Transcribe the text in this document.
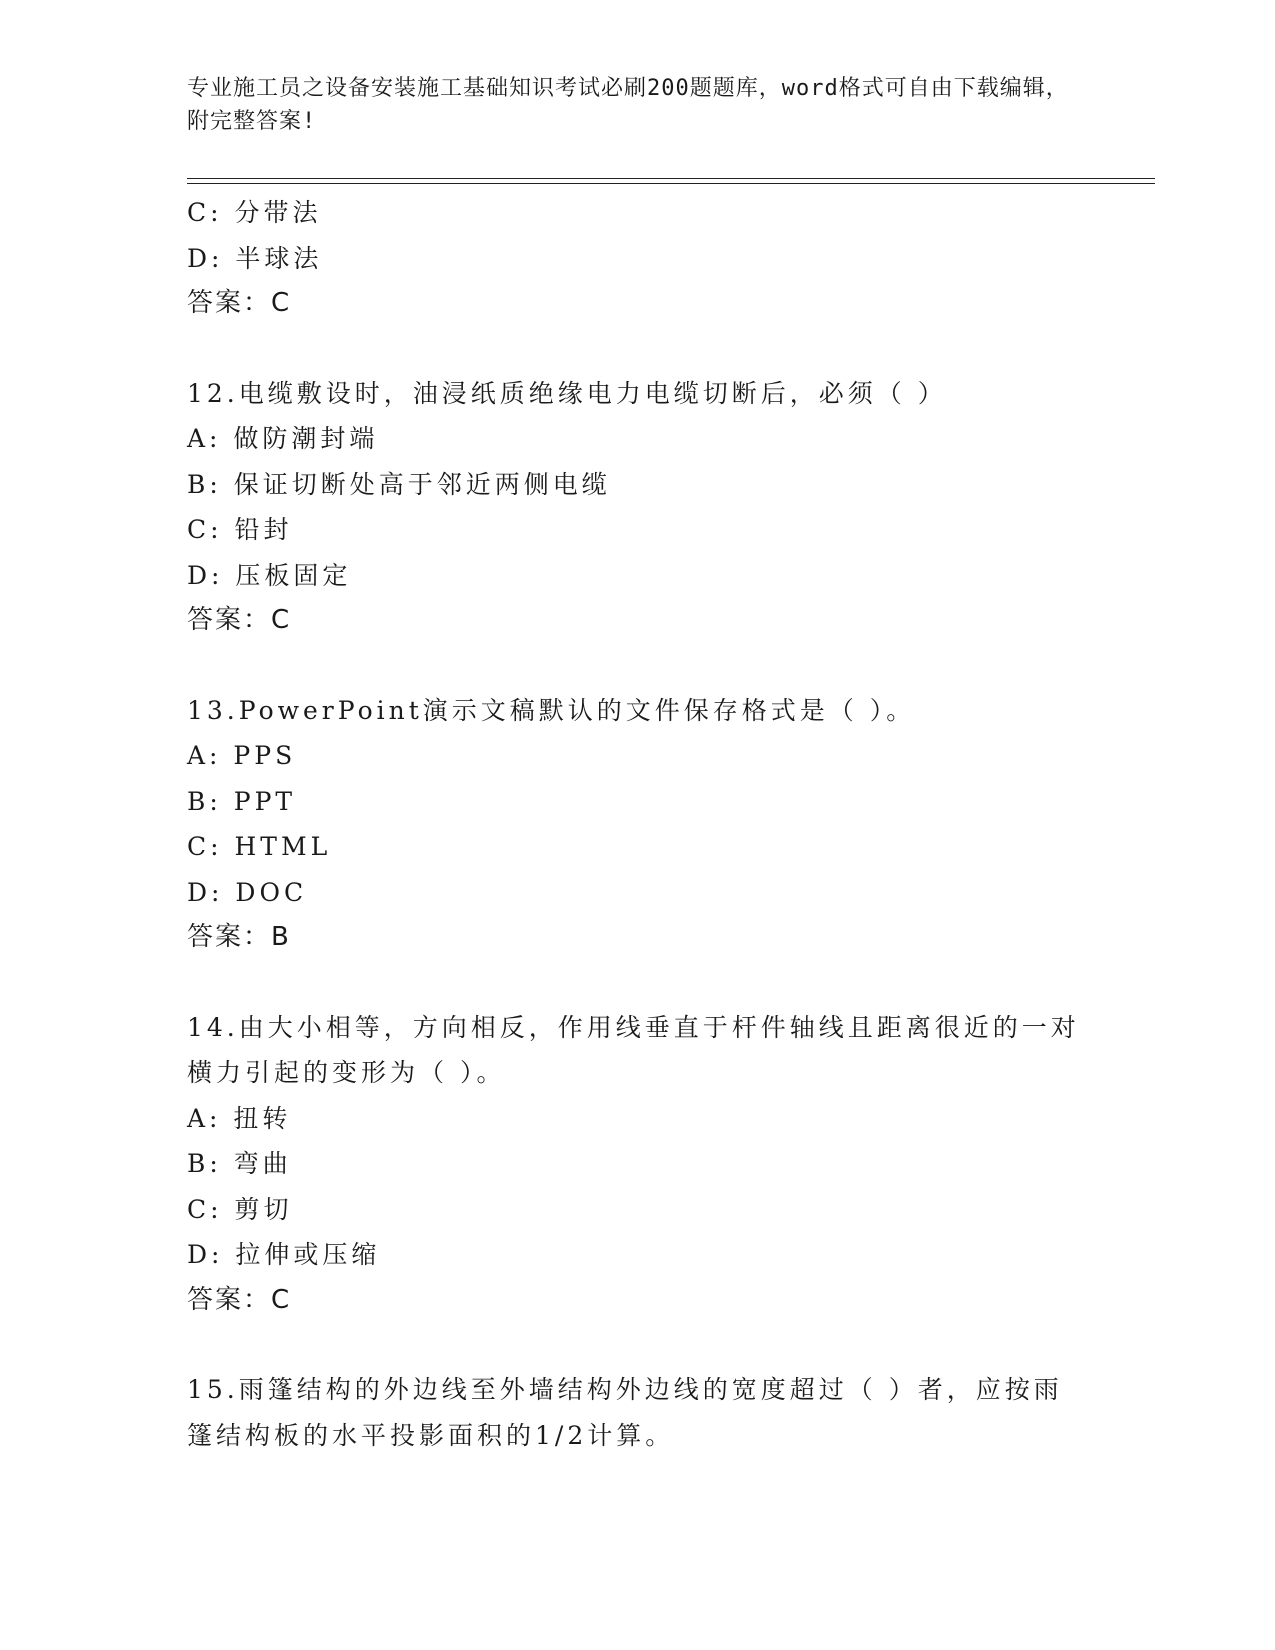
专业施工员之设备安装施工基础知识考试必刷200题题库，word格式可自由下载编辑，附完整答案!
C: 分带法
D: 半球法
答案：C
12.电缆敷设时，油浸纸质绝缘电力电缆切断后，必须（ ）
A: 做防潮封端
B: 保证切断处高于邻近两侧电缆
C: 铅封
D: 压板固定
答案：C
13.PowerPoint演示文稿默认的文件保存格式是（ ）。
A: PPS
B: PPT
C: HTML
D: DOC
答案：B
14.由大小相等，方向相反，作用线垂直于杆件轴线且距离很近的一对横力引起的变形为（ ）。
A: 扭转
B: 弯曲
C: 剪切
D: 拉伸或压缩
答案：C
15.雨篷结构的外边线至外墙结构外边线的宽度超过（ ）者，应按雨篷结构板的水平投影面积的1/2计算。
